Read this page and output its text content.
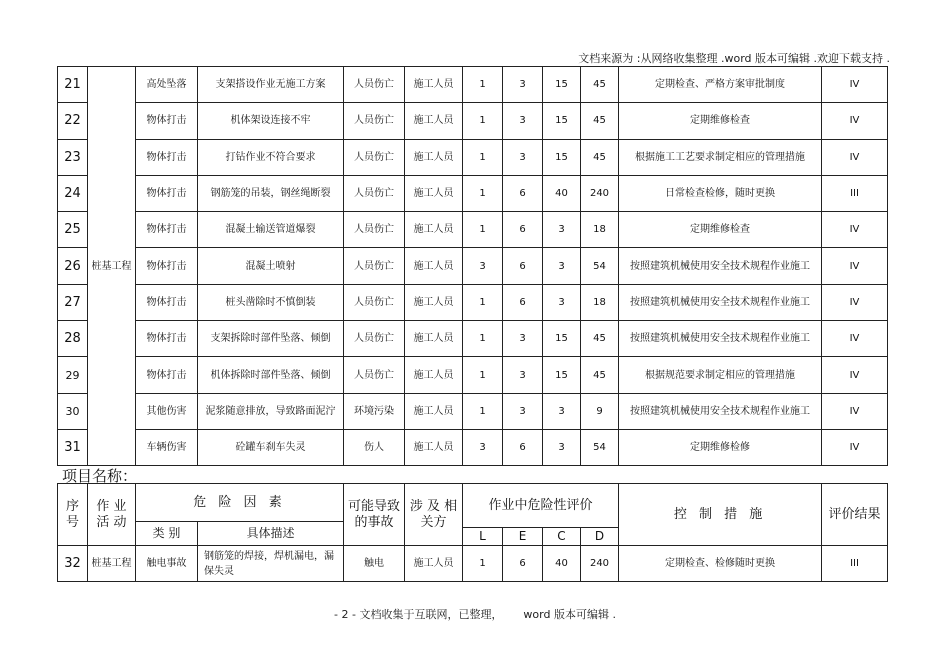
文档来源为 :从网络收集整理 .word 版本可编辑 .欢迎下载支持 .
21	桩基工程	高处坠落	支架搭设作业无施工方案	人员伤亡	施工人员	1	3	15	45	定期检查、严格方案审批制度	IV
22		物体打击	机体架设连接不牢	人员伤亡	施工人员	1	3	15	45	定期维修检查	IV
23		物体打击	打钻作业不符合要求	人员伤亡	施工人员	1	3	15	45	根据施工工艺要求制定相应的管理措施	IV
24		物体打击	钢筋笼的吊装，钢丝绳断裂	人员伤亡	施工人员	1	6	40	240	日常检查检修，随时更换	III
25		物体打击	混凝土输送管道爆裂	人员伤亡	施工人员	1	6	3	18	定期维修检查	IV
26		物体打击	混凝土喷射	人员伤亡	施工人员	3	6	3	54	按照建筑机械使用安全技术规程作业施工	IV
27		物体打击	桩头凿除时不慎倒装	人员伤亡	施工人员	1	6	3	18	按照建筑机械使用安全技术规程作业施工	IV
28		物体打击	支架拆除时部件坠落、倾倒	人员伤亡	施工人员	1	3	15	45	按照建筑机械使用安全技术规程作业施工	IV
29		物体打击	机体拆除时部件坠落、倾倒	人员伤亡	施工人员	1	3	15	45	根据规范要求制定相应的管理措施	IV
30		其他伤害	泥浆随意排放，导致路面泥泞	环境污染	施工人员	1	3	3	9	按照建筑机械使用安全技术规程作业施工	IV
31		车辆伤害	砼罐车刹车失灵	伤人	施工人员	3	6	3	54	定期维修检修	IV
项目名称：
序号	作 业 活 动	危 险 因 素		可能导致的事故	涉 及 相关方	作业中危险性评价				控 制 措 施	评价结果
		类 别	具体描述								
						L	E	C	D		
32	桩基工程	触电事故	钢筋笼的焊接，焊机漏电，漏保失灵	触电	施工人员	1	6	40	240	定期检查、检修随时更换	III
- 2 - 文档收集于互联网，已整理，      word 版本可编辑 .
